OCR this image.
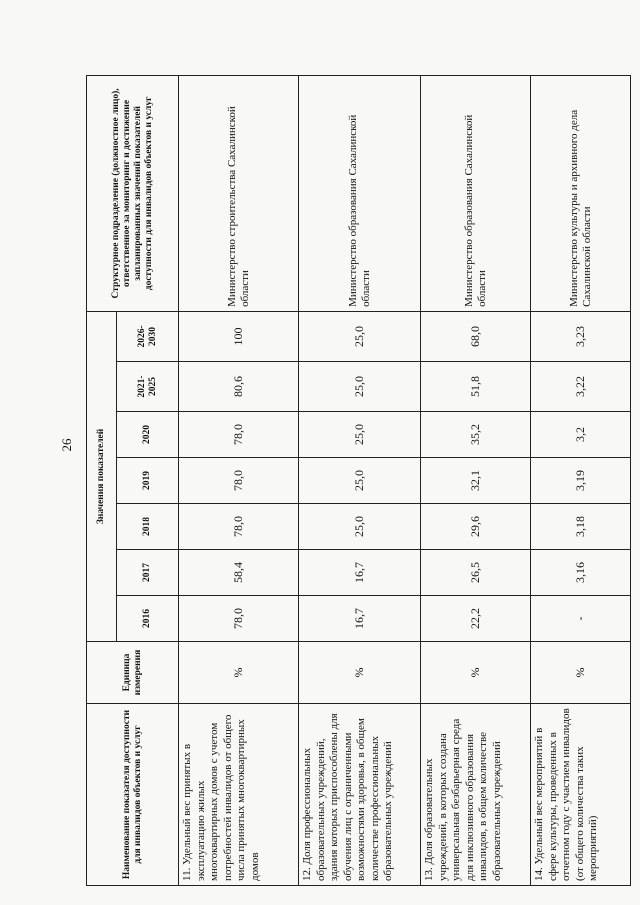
26
Наименование показателя доступности для инвалидов объектов и услуг	Единица измерения	Значения показателей							Структурное подразделение (должностное лицо), ответственное за мониторинг и достижение запланированных значений показателей доступности для инвалидов объектов и услуг
		2016	2017	2018	2019	2020	2021-2025	2026-2030	
11. Удельный вес принятых в эксплуатацию жилых многоквартирных домов с учетом потребностей инвалидов от общего числа принятых многоквартирных домов	%	78,0	58,4	78,0	78,0	78,0	80,6	100	Министерство строительства Сахалинской области
12. Доля профессиональных образовательных учреждений, здания которых приспособлены для обучения лиц с ограниченными возможностями здоровья, в общем количестве профессиональных образовательных учреждений	%	16,7	16,7	25,0	25,0	25,0	25,0	25,0	Министерство образования Сахалинской области
13. Доля образовательных учреждений, в которых создана универсальная безбарьерная среда для инклюзивного образования инвалидов, в общем количестве образовательных учреждений	%	22,2	26,5	29,6	32,1	35,2	51,8	68,0	Министерство образования Сахалинской области
14. Удельный вес мероприятий в сфере культуры, проведенных в отчетном году с участием инвалидов (от общего количества таких мероприятий)	%	-	3,16	3,18	3,19	3,2	3,22	3,23	Министерство культуры и архивного дела Сахалинской области
